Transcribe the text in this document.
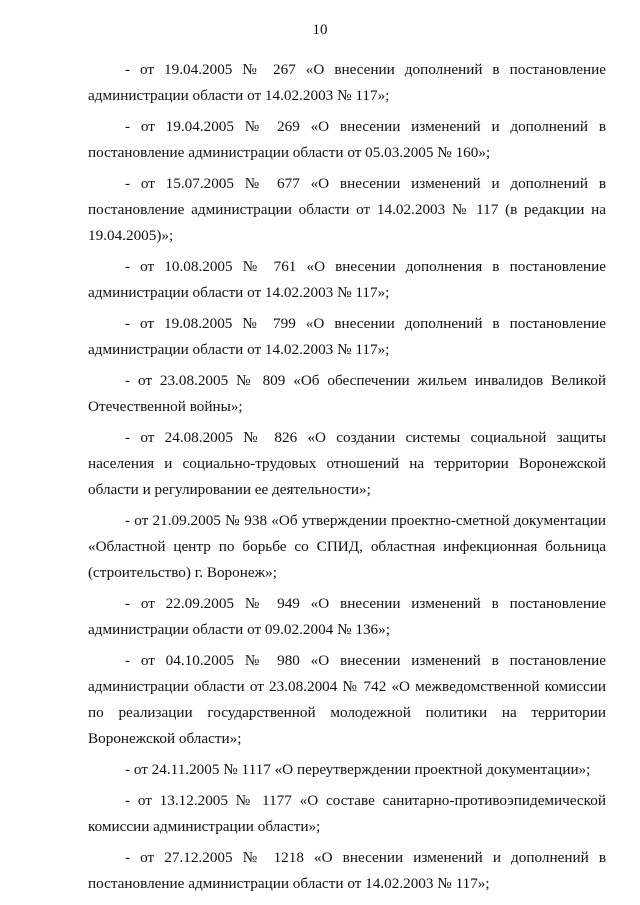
10

- от 19.04.2005 № 267 «О внесении дополнений в постановление администрации области от 14.02.2003 № 117»;

- от 19.04.2005 № 269 «О внесении изменений и дополнений в постановление администрации области от 05.03.2005 № 160»;

- от 15.07.2005 № 677 «О внесении изменений и дополнений в постановление администрации области от 14.02.2003 № 117 (в редакции на 19.04.2005)»;

- от 10.08.2005 № 761 «О внесении дополнения в постановление администрации области от 14.02.2003 № 117»;

- от 19.08.2005 № 799 «О внесении дополнений в постановление администрации области от 14.02.2003 № 117»;

- от 23.08.2005 № 809 «Об обеспечении жильем инвалидов Великой Отечественной войны»;

- от 24.08.2005 № 826 «О создании системы социальной защиты населения и социально-трудовых отношений на территории Воронежской области и регулировании ее деятельности»;

- от 21.09.2005 № 938 «Об утверждении проектно-сметной документации «Областной центр по борьбе со СПИД, областная инфекционная больница (строительство) г. Воронеж»;

- от 22.09.2005 № 949 «О внесении изменений в постановление администрации области от 09.02.2004 № 136»;

- от 04.10.2005 № 980 «О внесении изменений в постановление администрации области от 23.08.2004 № 742 «О межведомственной комиссии по реализации государственной молодежной политики на территории Воронежской области»;

- от 24.11.2005 № 1117 «О переутверждении проектной документации»;

- от 13.12.2005 № 1177 «О составе санитарно-противоэпидемической комиссии администрации области»;

- от 27.12.2005 № 1218 «О внесении изменений и дополнений в постановление администрации области от 14.02.2003 № 117»;
